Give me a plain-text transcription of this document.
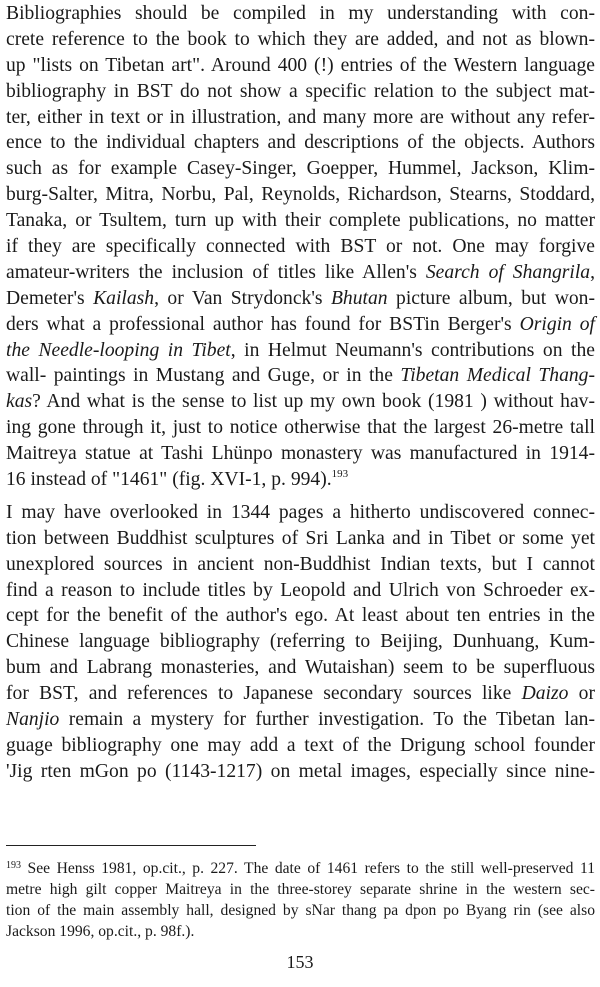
Bibliographies should be compiled in my understanding with con-
crete reference to the book to which they are added, and not as blown-
up "lists on Tibetan art". Around 400 (!) entries of the Western language
bibliography in BST do not show a specific relation to the subject mat-
ter, either in text or in illustration, and many more are without any refer-
ence to the individual chapters and descriptions of the objects. Authors
such as for example Casey-Singer, Goepper, Hummel, Jackson, Klim-
burg-Salter, Mitra, Norbu, Pal, Reynolds, Richardson, Stearns, Stoddard,
Tanaka, or Tsultem, turn up with their complete publications, no matter
if they are specifically connected with BST or not. One may forgive
amateur-writers the inclusion of titles like Allen's Search of Shangrila,
Demeter's Kailash, or Van Strydonck's Bhutan picture album, but won-
ders what a professional author has found for BSTin Berger's Origin of
the Needle-looping in Tibet, in Helmut Neumann's contributions on the
wall- paintings in Mustang and Guge, or in the Tibetan Medical Thang-
kas? And what is the sense to list up my own book (1981 ) without hav-
ing gone through it, just to notice otherwise that the largest 26-metre tall
Maitreya statue at Tashi Lhünpo monastery was manufactured in 1914-
16 instead of "1461" (fig. XVI-1, p. 994).$^{193}$
I may have overlooked in 1344 pages a hitherto undiscovered connec-
tion between Buddhist sculptures of Sri Lanka and in Tibet or some yet
unexplored sources in ancient non-Buddhist Indian texts, but I cannot
find a reason to include titles by Leopold and Ulrich von Schroeder ex-
cept for the benefit of the author's ego. At least about ten entries in the
Chinese language bibliography (referring to Beijing, Dunhuang, Kum-
bum and Labrang monasteries, and Wutaishan) seem to be superfluous
for BST, and references to Japanese secondary sources like Daizo or
Nanjio remain a mystery for further investigation. To the Tibetan lan-
guage bibliography one may add a text of the Drigung school founder
'Jig rten mGon po (1143-1217) on metal images, especially since nine-
$^{193}$ See Henss 1981, op.cit., p. 227. The date of 1461 refers to the still well-preserved 11
metre high gilt copper Maitreya in the three-storey separate shrine in the western sec-
tion of the main assembly hall, designed by sNar thang pa dpon po Byang rin (see also
Jackson 1996, op.cit., p. 98f.).
153
